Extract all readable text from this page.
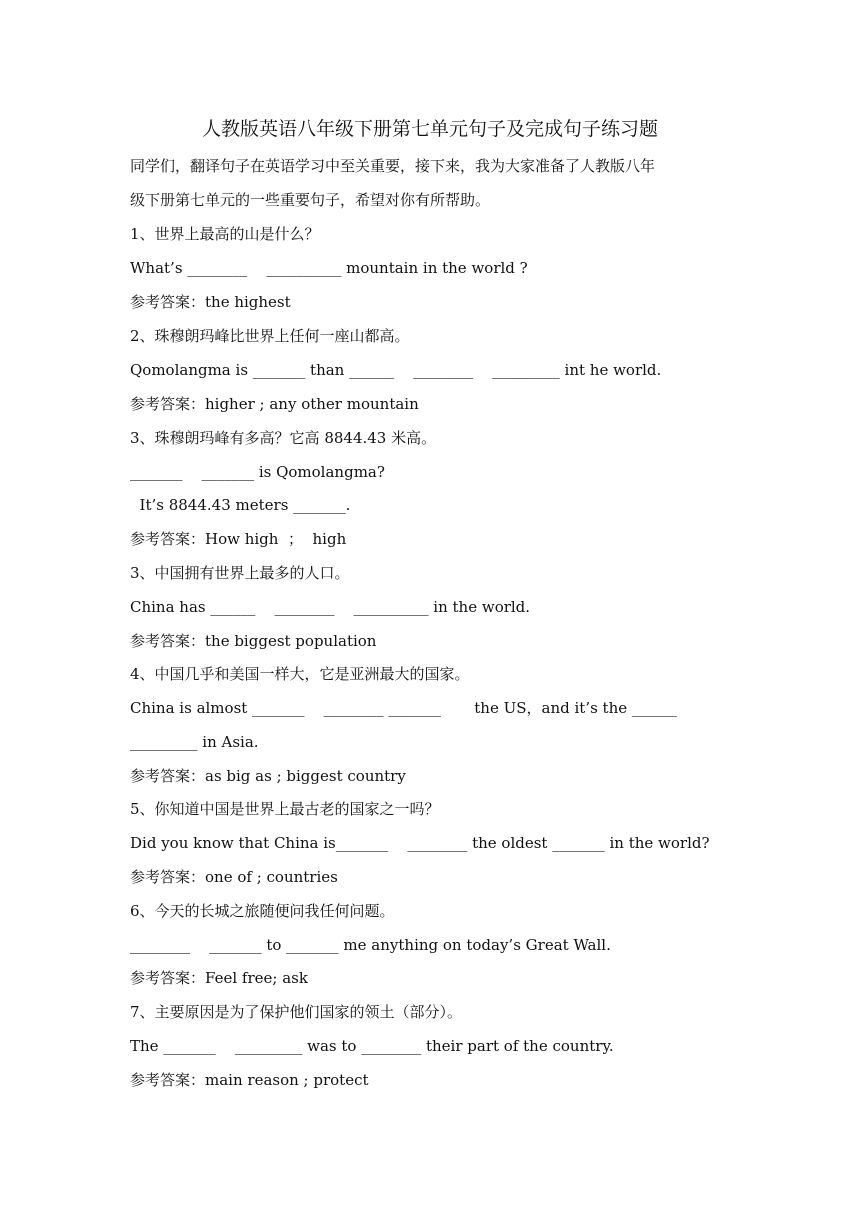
人教版英语八年级下册第七单元句子及完成句子练习题
同学们，翻译句子在英语学习中至关重要，接下来，我为大家准备了人教版八年
级下册第七单元的一些重要句子，希望对你有所帮助。
1、世界上最高的山是什么？
What’s ________    __________ mountain in the world ?
参考答案：the highest
2、珠穆朗玛峰比世界上任何一座山都高。
Qomolangma is _______ than ______    ________    _________ int he world.
参考答案：higher ; any other mountain
3、珠穆朗玛峰有多高？它高 8844.43 米高。
_______    _______ is Qomolangma?
It’s 8844.43 meters _______.
参考答案：How high  ；  high
3、中国拥有世界上最多的人口。
China has ______    ________    __________ in the world.
参考答案：the biggest population
4、中国几乎和美国一样大，它是亚洲最大的国家。
China is almost _______    ________ _______       the US，and it’s the ______
_________ in Asia.
参考答案：as big as ; biggest country
5、你知道中国是世界上最古老的国家之一吗？
Did you know that China is_______    ________ the oldest _______ in the world?
参考答案：one of ; countries
6、今天的长城之旅随便问我任何问题。
________    _______ to _______ me anything on today’s Great Wall.
参考答案：Feel free; ask
7、主要原因是为了保护他们国家的领土（部分）。
The _______    _________ was to ________ their part of the country.
参考答案：main reason ; protect
